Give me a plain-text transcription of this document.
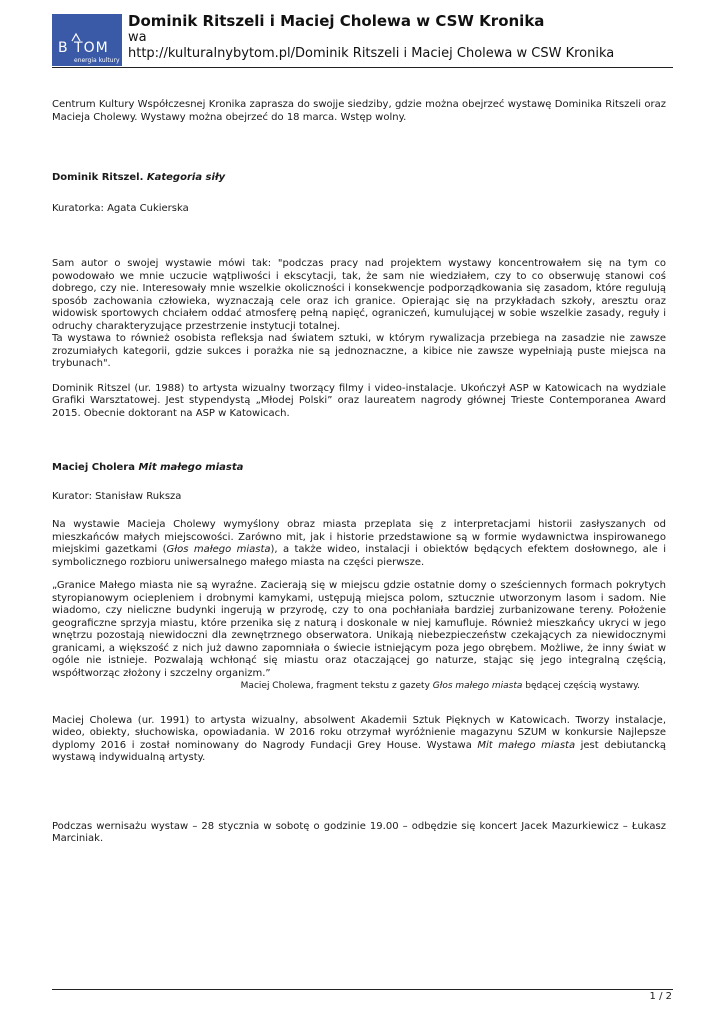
B TOM
energia kultury
Dominik Ritszeli i Maciej Cholewa w CSW Kronika
wa
http://kulturalnybytom.pl/Dominik Ritszeli i Maciej Cholewa w CSW Kronika

Centrum Kultury Współczesnej Kronika zaprasza do swojje siedziby, gdzie można obejrzeć wystawę Dominika Ritszeli oraz Macieja Cholewy. Wystawy można obejrzeć do 18 marca. Wstęp wolny.

Dominik Ritszel. Kategoria siły

Kuratorka: Agata Cukierska

Sam autor o swojej wystawie mówi tak: "podczas pracy nad projektem wystawy koncentrowałem się na tym co powodowało we mnie uczucie wątpliwości i ekscytacji, tak, że sam nie wiedziałem, czy to co obserwuję stanowi coś dobrego, czy nie. Interesowały mnie wszelkie okoliczności i konsekwencje podporządkowania się zasadom, które regulują sposób zachowania człowieka, wyznaczają cele oraz ich granice. Opierając się na przykładach szkoły, aresztu oraz widowisk sportowych chciałem oddać atmosferę pełną napięć, ograniczeń, kumulującej w sobie wszelkie zasady, reguły i odruchy charakteryzujące przestrzenie instytucji totalnej.

Ta wystawa to również osobista refleksja nad światem sztuki, w którym rywalizacja przebiega na zasadzie nie zawsze zrozumiałych kategorii, gdzie sukces i porażka nie są jednoznaczne, a kibice nie zawsze wypełniają puste miejsca na trybunach".

Dominik Ritszel (ur. 1988) to artysta wizualny tworzący filmy i video-instalacje. Ukończył ASP w Katowicach na wydziale Grafiki Warsztatowej. Jest stypendystą „Młodej Polski” oraz laureatem nagrody głównej Trieste Contemporanea Award 2015. Obecnie doktorant na ASP w Katowicach.

Maciej Cholera Mit małego miasta

Kurator: Stanisław Ruksza

Na wystawie Macieja Cholewy wymyślony obraz miasta przeplata się z interpretacjami historii zasłyszanych od mieszkańców małych miejscowości. Zarówno mit, jak i historie przedstawione są w formie wydawnictwa inspirowanego miejskimi gazetkami (Głos małego miasta), a także wideo, instalacji i obiektów będących efektem dosłownego, ale i symbolicznego rozbioru uniwersalnego małego miasta na części pierwsze.

„Granice Małego miasta nie są wyraźne. Zacierają się w miejscu gdzie ostatnie domy o sześciennych formach pokrytych styropianowym ociepleniem i drobnymi kamykami, ustępują miejsca polom, sztucznie utworzonym lasom i sadom. Nie wiadomo, czy nieliczne budynki ingerują w przyrodę, czy to ona pochłaniała bardziej zurbanizowane tereny. Położenie geograficzne sprzyja miastu, które przenika się z naturą i doskonale w niej kamufluje. Również mieszkańcy ukryci w jego wnętrzu pozostają niewidoczni dla zewnętrznego obserwatora. Unikają niebezpieczeństw czekających za niewidocznymi granicami, a większość z nich już dawno zapomniała o świecie istniejącym poza jego obrębem. Możliwe, że inny świat w ogóle nie istnieje. Pozwalają wchłonąć się miastu oraz otaczającej go naturze, stając się jego integralną częścią, współtworząc złożony i szczelny organizm.”

Maciej Cholewa, fragment tekstu z gazety Głos małego miasta będącej częścią wystawy.

Maciej Cholewa (ur. 1991) to artysta wizualny, absolwent Akademii Sztuk Pięknych w Katowicach. Tworzy instalacje, wideo, obiekty, słuchowiska, opowiadania. W 2016 roku otrzymał wyróżnienie magazynu SZUM w konkursie Najlepsze dyplomy 2016 i został nominowany do Nagrody Fundacji Grey House. Wystawa Mit małego miasta jest debiutancką wystawą indywidualną artysty.

Podczas wernisażu wystaw – 28 stycznia w sobotę o godzinie 19.00 – odbędzie się koncert Jacek Mazurkiewicz – Łukasz Marciniak.

1 / 2
